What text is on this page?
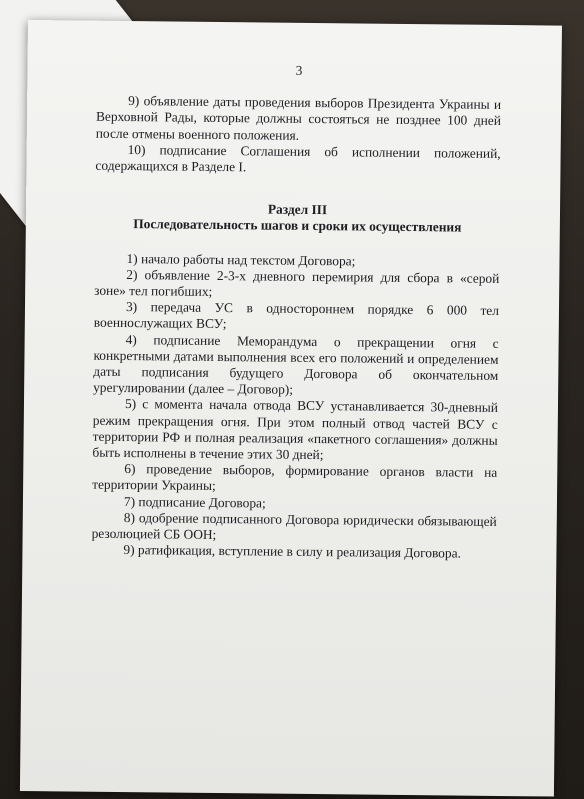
3

9) объявление даты проведения выборов Президента Украины и Верховной Рады, которые должны состояться не позднее 100 дней после отмены военного положения.

10) подписание Соглашения об исполнении положений, содержащихся в Разделе I.

Раздел III
Последовательность шагов и сроки их осуществления

1) начало работы над текстом Договора;

2) объявление 2-3-х дневного перемирия для сбора в «серой зоне» тел погибших;

3) передача УС в одностороннем порядке 6 000 тел военнослужащих ВСУ;

4) подписание Меморандума о прекращении огня с конкретными датами выполнения всех его положений и определением даты подписания будущего Договора об окончательном урегулировании (далее – Договор);

5) с момента начала отвода ВСУ устанавливается 30-дневный режим прекращения огня. При этом полный отвод частей ВСУ с территории РФ и полная реализация «пакетного соглашения» должны быть исполнены в течение этих 30 дней;

6) проведение выборов, формирование органов власти на территории Украины;

7) подписание Договора;

8) одобрение подписанного Договора юридически обязывающей резолюцией СБ ООН;

9) ратификация, вступление в силу и реализация Договора.
